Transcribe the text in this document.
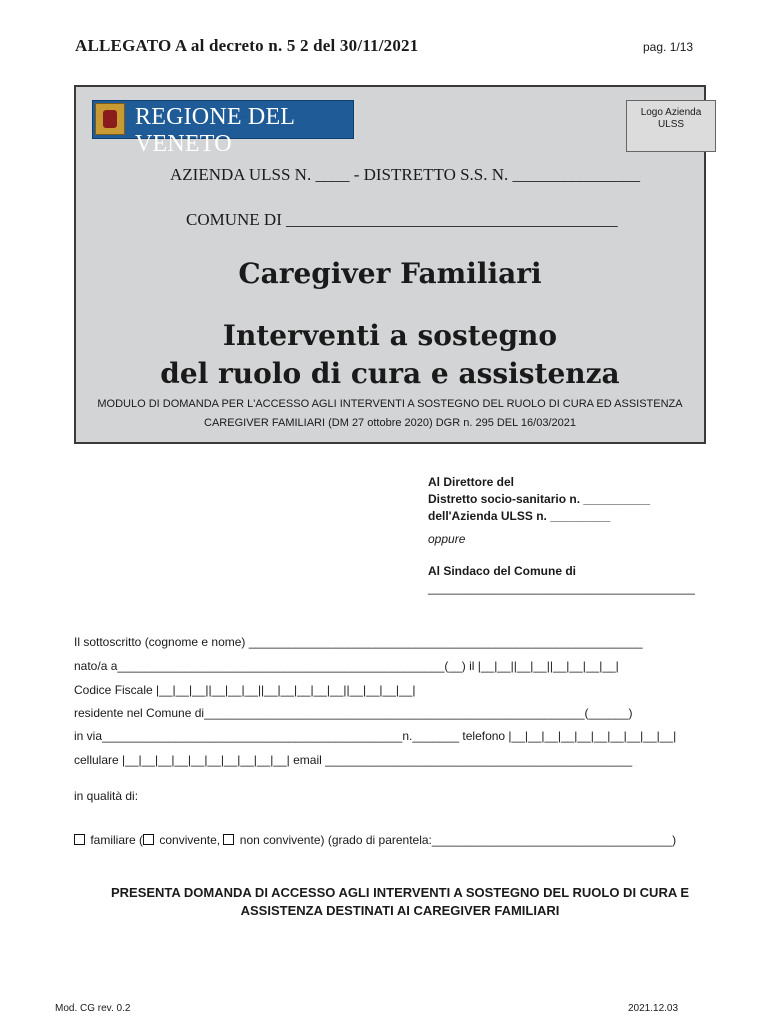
ALLEGATO A al decreto n. 5 2 del 30/11/2021	pag. 1/13
REGIONE DEL VENETO
Logo Azienda ULSS
AZIENDA ULSS N. ____ - DISTRETTO S.S. N. _______________
COMUNE DI _______________________________________
Caregiver Familiari
Interventi a sostegno
del ruolo di cura e assistenza
MODULO DI DOMANDA PER L'ACCESSO AGLI INTERVENTI A SOSTEGNO DEL RUOLO DI CURA ED ASSISTENZA
CAREGIVER FAMILIARI (DM 27 ottobre 2020) DGR n. 295 DEL 16/03/2021
Al Direttore del
Distretto socio-sanitario n. __________
dell'Azienda ULSS n. _________
oppure
Al Sindaco del Comune di
________________________________________
Il sottoscritto (cognome e nome) ___________________________________________________________
nato/a a_________________________________________________(__) il |__|__||__|__||__|__|__|__|
Codice Fiscale |__|__|__||__|__|__||__|__|__|__|__||__|__|__|__|
residente nel Comune di_________________________________________________________(______)
in via_____________________________________________n._______ telefono |__|__|__|__|__|__|__|__|__|__|
cellulare |__|__|__|__|__|__|__|__|__|__| email ______________________________________________
in qualità di:
familiare ( convivente, non convivente) (grado di parentela:____________________________________)
PRESENTA DOMANDA DI ACCESSO AGLI INTERVENTI A SOSTEGNO DEL RUOLO DI CURA E
ASSISTENZA DESTINATI AI CAREGIVER FAMILIARI
Mod. CG rev. 0.2	2021.12.03
